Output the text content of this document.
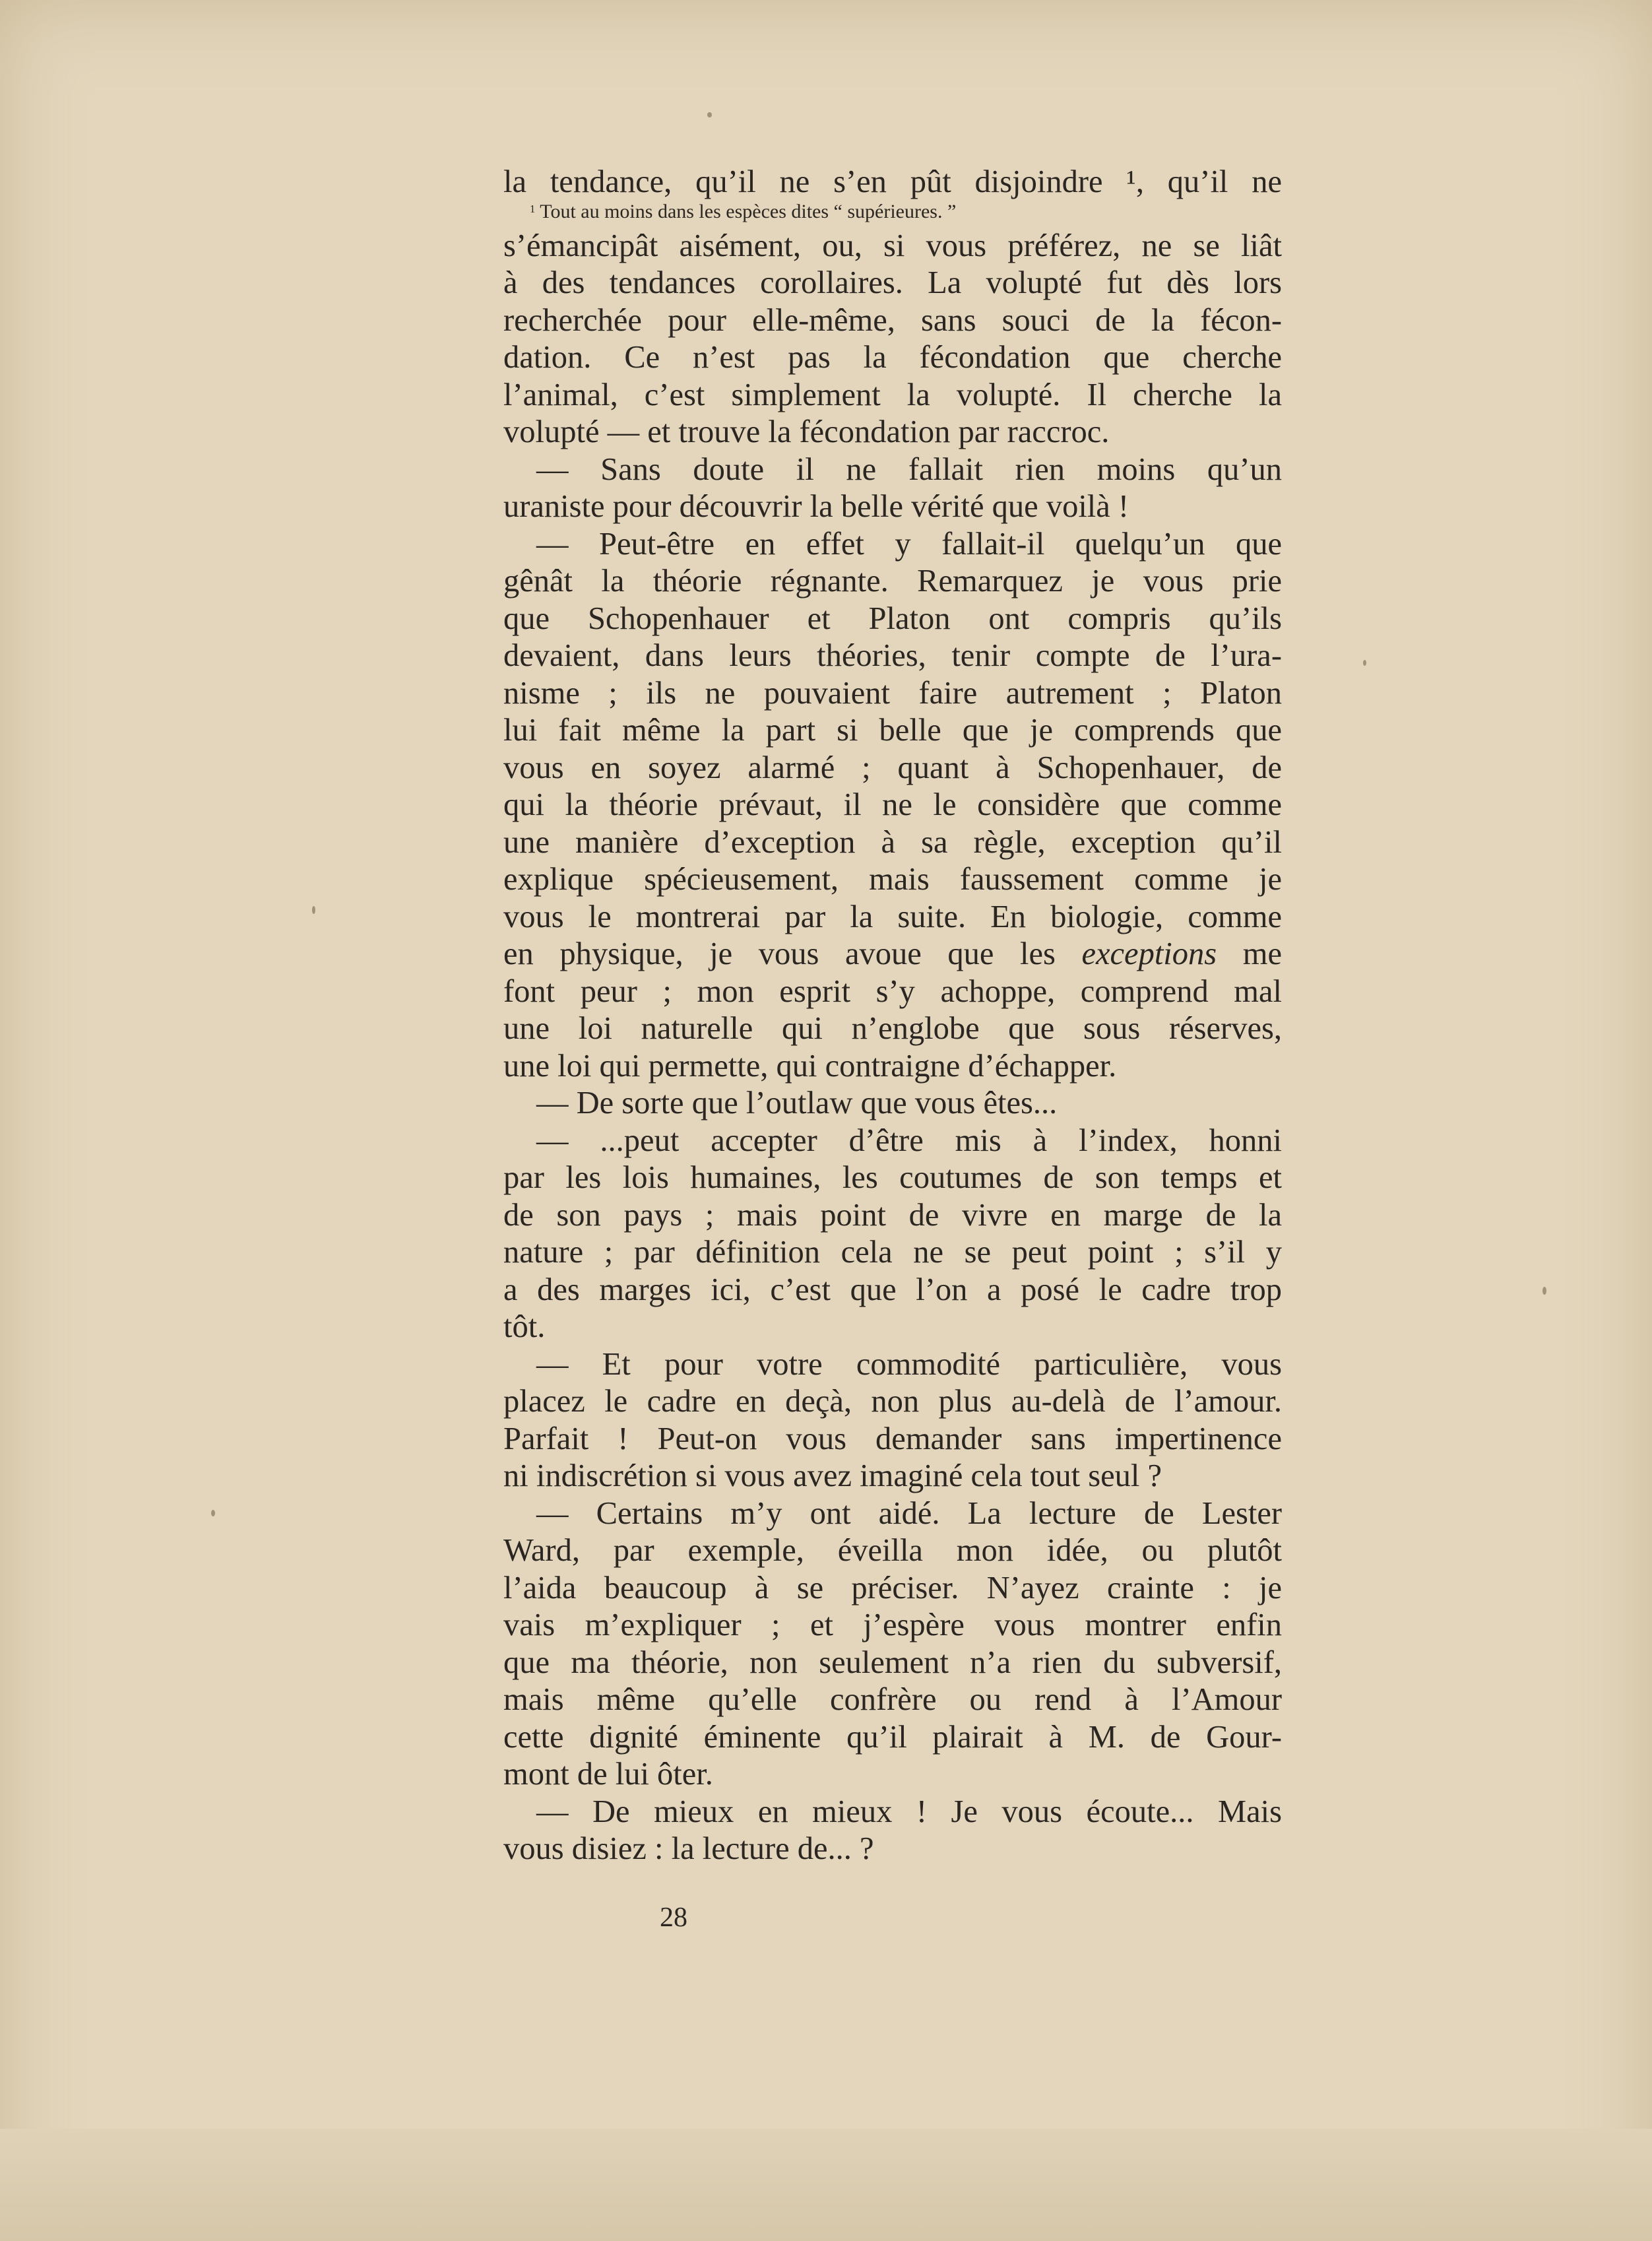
la tendance, qu’il ne s’en pût disjoindre ¹, qu’il ne
$^1$ Tout au moins dans les espèces dites “ supérieures. ”
s’émancipât aisément, ou, si vous préférez, ne se liât
à des tendances corollaires. La volupté fut dès lors
recherchée pour elle-même, sans souci de la fécon-
dation. Ce n’est pas la fécondation que cherche
l’animal, c’est simplement la volupté. Il cherche la
volupté — et trouve la fécondation par raccroc.
— Sans doute il ne fallait rien moins qu’un
uraniste pour découvrir la belle vérité que voilà !
— Peut-être en effet y fallait-il quelqu’un que
gênât la théorie régnante. Remarquez je vous prie
que Schopenhauer et Platon ont compris qu’ils
devaient, dans leurs théories, tenir compte de l’ura-
nisme ; ils ne pouvaient faire autrement ; Platon
lui fait même la part si belle que je comprends que
vous en soyez alarmé ; quant à Schopenhauer, de
qui la théorie prévaut, il ne le considère que comme
une manière d’exception à sa règle, exception qu’il
explique spécieusement, mais faussement comme je
vous le montrerai par la suite. En biologie, comme
en physique, je vous avoue que les exceptions me
font peur ; mon esprit s’y achoppe, comprend mal
une loi naturelle qui n’englobe que sous réserves,
une loi qui permette, qui contraigne d’échapper.
— De sorte que l’outlaw que vous êtes...
— ...peut accepter d’être mis à l’index, honni
par les lois humaines, les coutumes de son temps et
de son pays ; mais point de vivre en marge de la
nature ; par définition cela ne se peut point ; s’il y
a des marges ici, c’est que l’on a posé le cadre trop
tôt.
— Et pour votre commodité particulière, vous
placez le cadre en deçà, non plus au-delà de l’amour.
Parfait ! Peut-on vous demander sans impertinence
ni indiscrétion si vous avez imaginé cela tout seul ?
— Certains m’y ont aidé. La lecture de Lester
Ward, par exemple, éveilla mon idée, ou plutôt
l’aida beaucoup à se préciser. N’ayez crainte : je
vais m’expliquer ; et j’espère vous montrer enfin
que ma théorie, non seulement n’a rien du subversif,
mais même qu’elle confrère ou rend à l’Amour
cette dignité éminente qu’il plairait à M. de Gour-
mont de lui ôter.
— De mieux en mieux ! Je vous écoute... Mais
vous disiez : la lecture de... ?
28
